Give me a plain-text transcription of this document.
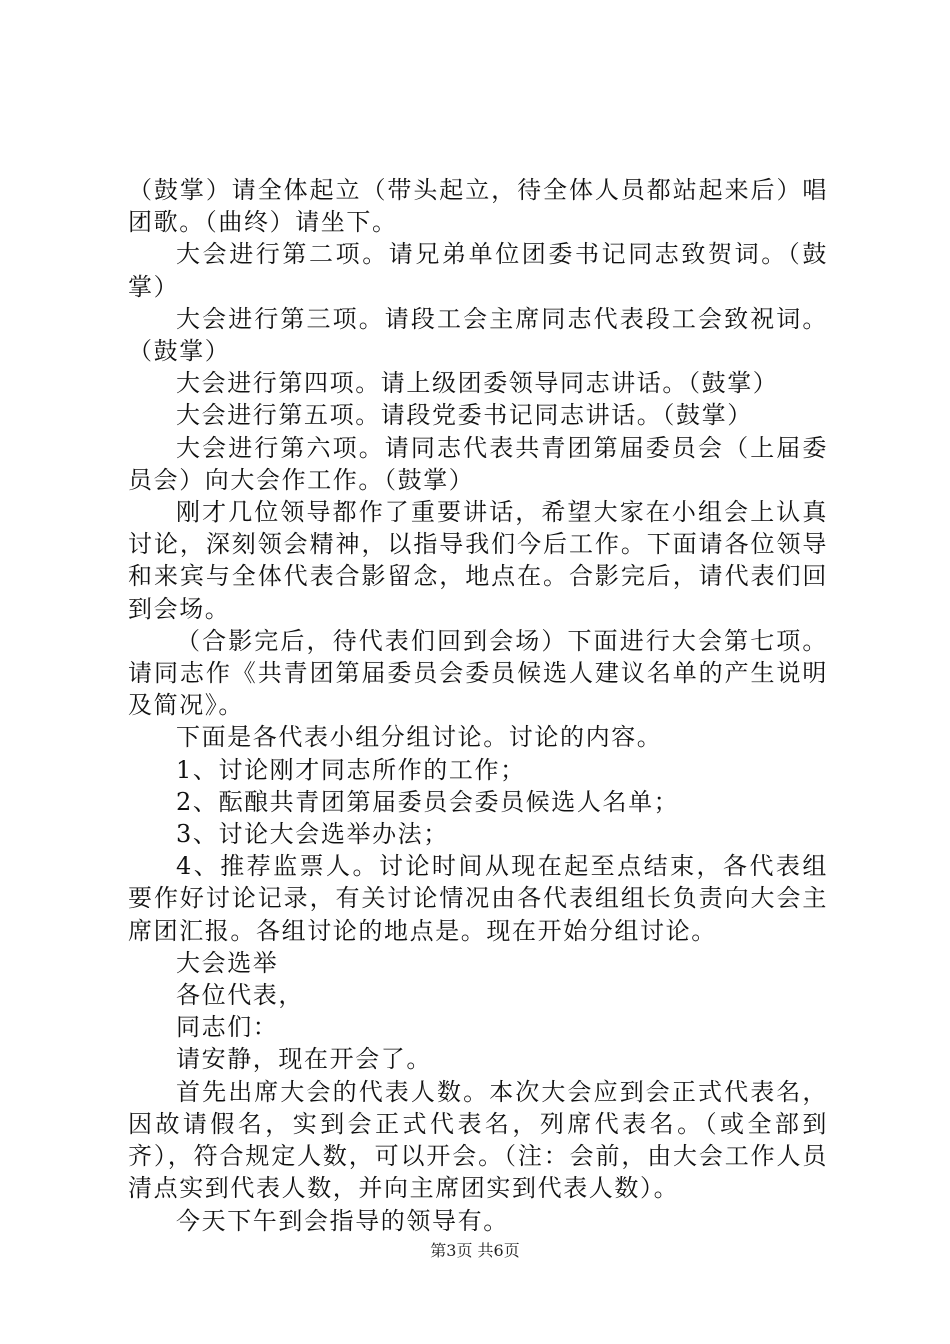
（鼓掌）请全体起立（带头起立，待全体人员都站起来后）唱团歌。（曲终）请坐下。

大会进行第二项。请兄弟单位团委书记同志致贺词。（鼓掌）

大会进行第三项。请段工会主席同志代表段工会致祝词。（鼓掌）

大会进行第四项。请上级团委领导同志讲话。（鼓掌）

大会进行第五项。请段党委书记同志讲话。（鼓掌）

大会进行第六项。请同志代表共青团第届委员会（上届委员会）向大会作工作。（鼓掌）

刚才几位领导都作了重要讲话，希望大家在小组会上认真讨论，深刻领会精神，以指导我们今后工作。下面请各位领导和来宾与全体代表合影留念，地点在。合影完后，请代表们回到会场。

（合影完后，待代表们回到会场）下面进行大会第七项。请同志作《共青团第届委员会委员候选人建议名单的产生说明及简况》。

下面是各代表小组分组讨论。讨论的内容。

1、讨论刚才同志所作的工作；

2、酝酿共青团第届委员会委员候选人名单；

3、讨论大会选举办法；

4、推荐监票人。讨论时间从现在起至点结束，各代表组要作好讨论记录，有关讨论情况由各代表组组长负责向大会主席团汇报。各组讨论的地点是。现在开始分组讨论。

大会选举

各位代表，

同志们：

请安静，现在开会了。

首先出席大会的代表人数。本次大会应到会正式代表名，因故请假名，实到会正式代表名，列席代表名。（或全部到齐），符合规定人数，可以开会。（注：会前，由大会工作人员清点实到代表人数，并向主席团实到代表人数）。

今天下午到会指导的领导有。

第3页 共6页
